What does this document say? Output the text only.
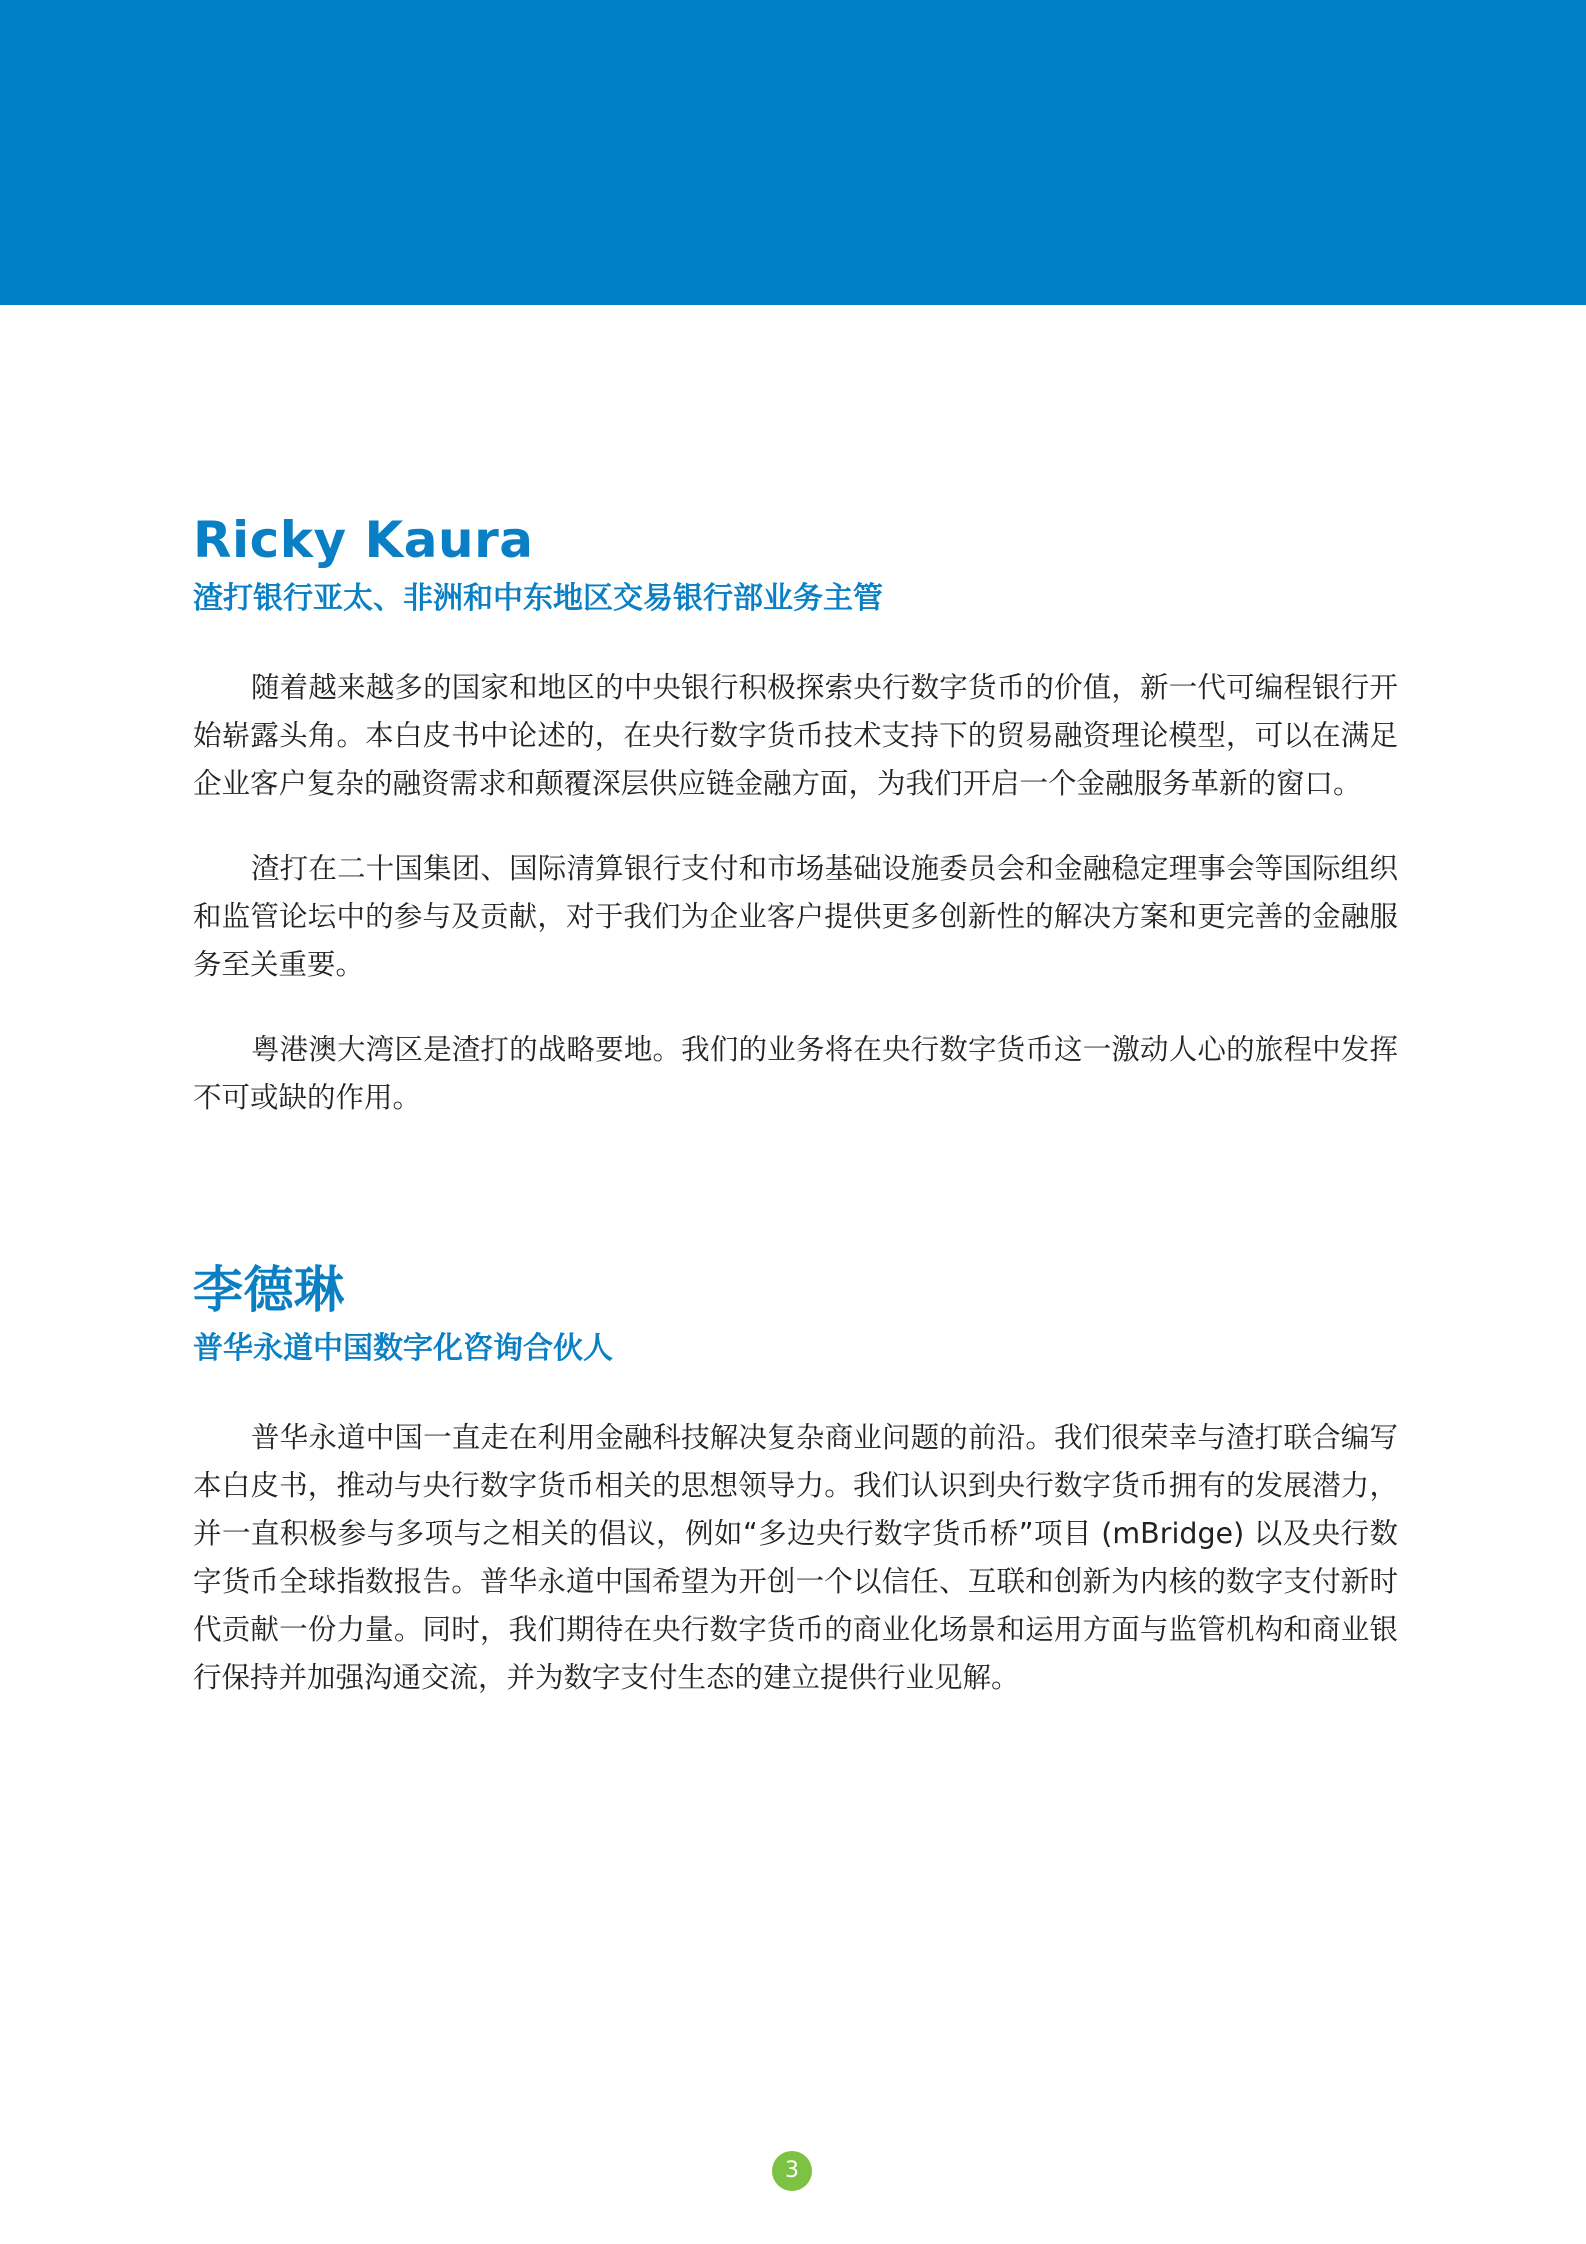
Ricky Kaura
渣打银行亚太、非洲和中东地区交易银行部业务主管

随着越来越多的国家和地区的中央银行积极探索央行数字货币的价值，新一代可编程银行开始崭露头角。本白皮书中论述的，在央行数字货币技术支持下的贸易融资理论模型，可以在满足企业客户复杂的融资需求和颠覆深层供应链金融方面，为我们开启一个金融服务革新的窗口。

渣打在二十国集团、国际清算银行支付和市场基础设施委员会和金融稳定理事会等国际组织和监管论坛中的参与及贡献，对于我们为企业客户提供更多创新性的解决方案和更完善的金融服务至关重要。

粤港澳大湾区是渣打的战略要地。我们的业务将在央行数字货币这一激动人心的旅程中发挥不可或缺的作用。

李德琳
普华永道中国数字化咨询合伙人

普华永道中国一直走在利用金融科技解决复杂商业问题的前沿。我们很荣幸与渣打联合编写本白皮书，推动与央行数字货币相关的思想领导力。我们认识到央行数字货币拥有的发展潜力，并一直积极参与多项与之相关的倡议，例如“多边央行数字货币桥”项目 (mBridge) 以及央行数字货币全球指数报告。普华永道中国希望为开创一个以信任、互联和创新为内核的数字支付新时代贡献一份力量。同时，我们期待在央行数字货币的商业化场景和运用方面与监管机构和商业银行保持并加强沟通交流，并为数字支付生态的建立提供行业见解。

3
